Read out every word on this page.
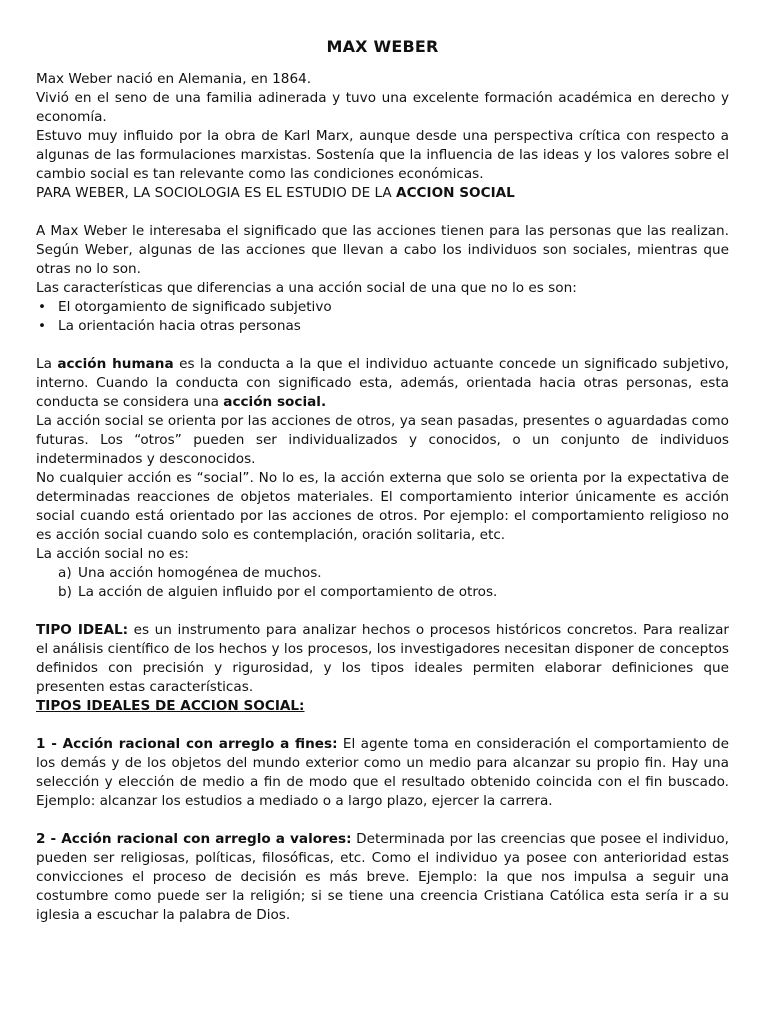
MAX WEBER

Max Weber nació en Alemania, en 1864.

Vivió en el seno de una familia adinerada y tuvo una excelente formación académica en derecho y economía.

Estuvo muy influido por la obra de Karl Marx, aunque desde una perspectiva crítica con respecto a algunas de las formulaciones marxistas. Sostenía que la influencia de las ideas y los valores sobre el cambio social es tan relevante como las condiciones económicas.

PARA WEBER, LA SOCIOLOGIA ES EL ESTUDIO DE LA ACCION SOCIAL

A Max Weber le interesaba el significado que las acciones tienen para las personas que las realizan. Según Weber, algunas de las acciones que llevan a cabo los individuos son sociales, mientras que otras no lo son.

Las características que diferencias a una acción social de una que no lo es son:

• El otorgamiento de significado subjetivo
• La orientación hacia otras personas

La acción humana es la conducta a la que el individuo actuante concede un significado subjetivo, interno. Cuando la conducta con significado esta, además, orientada hacia otras personas, esta conducta se considera una acción social.

La acción social se orienta por las acciones de otros, ya sean pasadas, presentes o aguardadas como futuras. Los “otros” pueden ser individualizados y conocidos, o un conjunto de individuos indeterminados y desconocidos.

No cualquier acción es “social”. No lo es, la acción externa que solo se orienta por la expectativa de determinadas reacciones de objetos materiales. El comportamiento interior únicamente es acción social cuando está orientado por las acciones de otros. Por ejemplo: el comportamiento religioso no es acción social cuando solo es contemplación, oración solitaria, etc.

La acción social no es:

a) Una acción homogénea de muchos.
b) La acción de alguien influido por el comportamiento de otros.

TIPO IDEAL: es un instrumento para analizar hechos o procesos históricos concretos. Para realizar el análisis científico de los hechos y los procesos, los investigadores necesitan disponer de conceptos definidos con precisión y rigurosidad, y los tipos ideales permiten elaborar definiciones que presenten estas características.

TIPOS IDEALES DE ACCION SOCIAL:

1 - Acción racional con arreglo a fines: El agente toma en consideración el comportamiento de los demás y de los objetos del mundo exterior como un medio para alcanzar su propio fin. Hay una selección y elección de medio a fin de modo que el resultado obtenido coincida con el fin buscado. Ejemplo: alcanzar los estudios a mediado o a largo plazo, ejercer la carrera.

2 - Acción racional con arreglo a valores: Determinada por las creencias que posee el individuo, pueden ser religiosas, políticas, filosóficas, etc. Como el individuo ya posee con anterioridad estas convicciones el proceso de decisión es más breve. Ejemplo: la que nos impulsa a seguir una costumbre como puede ser la religión; si se tiene una creencia Cristiana Católica esta sería ir a su iglesia a escuchar la palabra de Dios.
